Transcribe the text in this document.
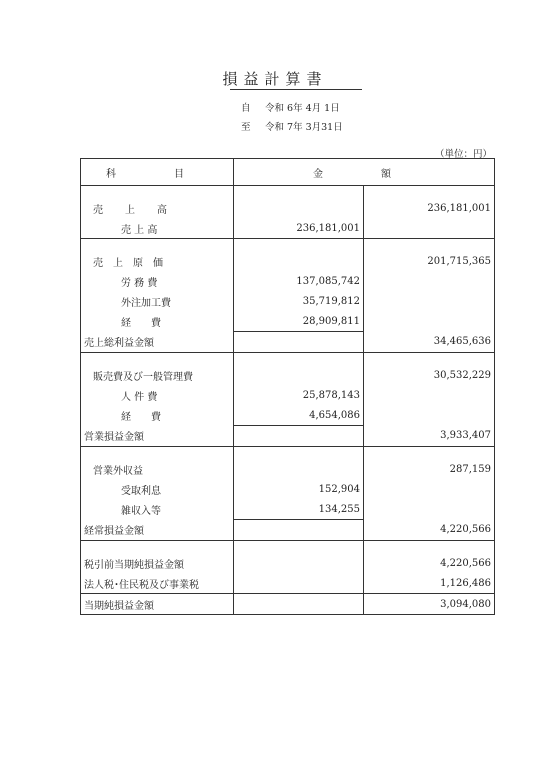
損益計算書
自 令和 6年 4月 1日
至 令和 7年 3月31日
（単位：円）
科　目	金　額	

売　上　高		236,181,001
売 上 高	236,181,001	

売　上　原　価		201,715,365
労 務 費	137,085,742	
外注加工費	35,719,812	
経　　費	28,909,811	
売上総利益金額		34,465,636

販売費及び一般管理費		30,532,229
人 件 費	25,878,143	
経　　費	4,654,086	
営業損益金額		3,933,407

営業外収益		287,159
受取利息	152,904	
雑収入等	134,255	
経常損益金額		4,220,566

税引前当期純損益金額		4,220,566
法人税･住民税及び事業税		1,126,486
当期純損益金額		3,094,080
